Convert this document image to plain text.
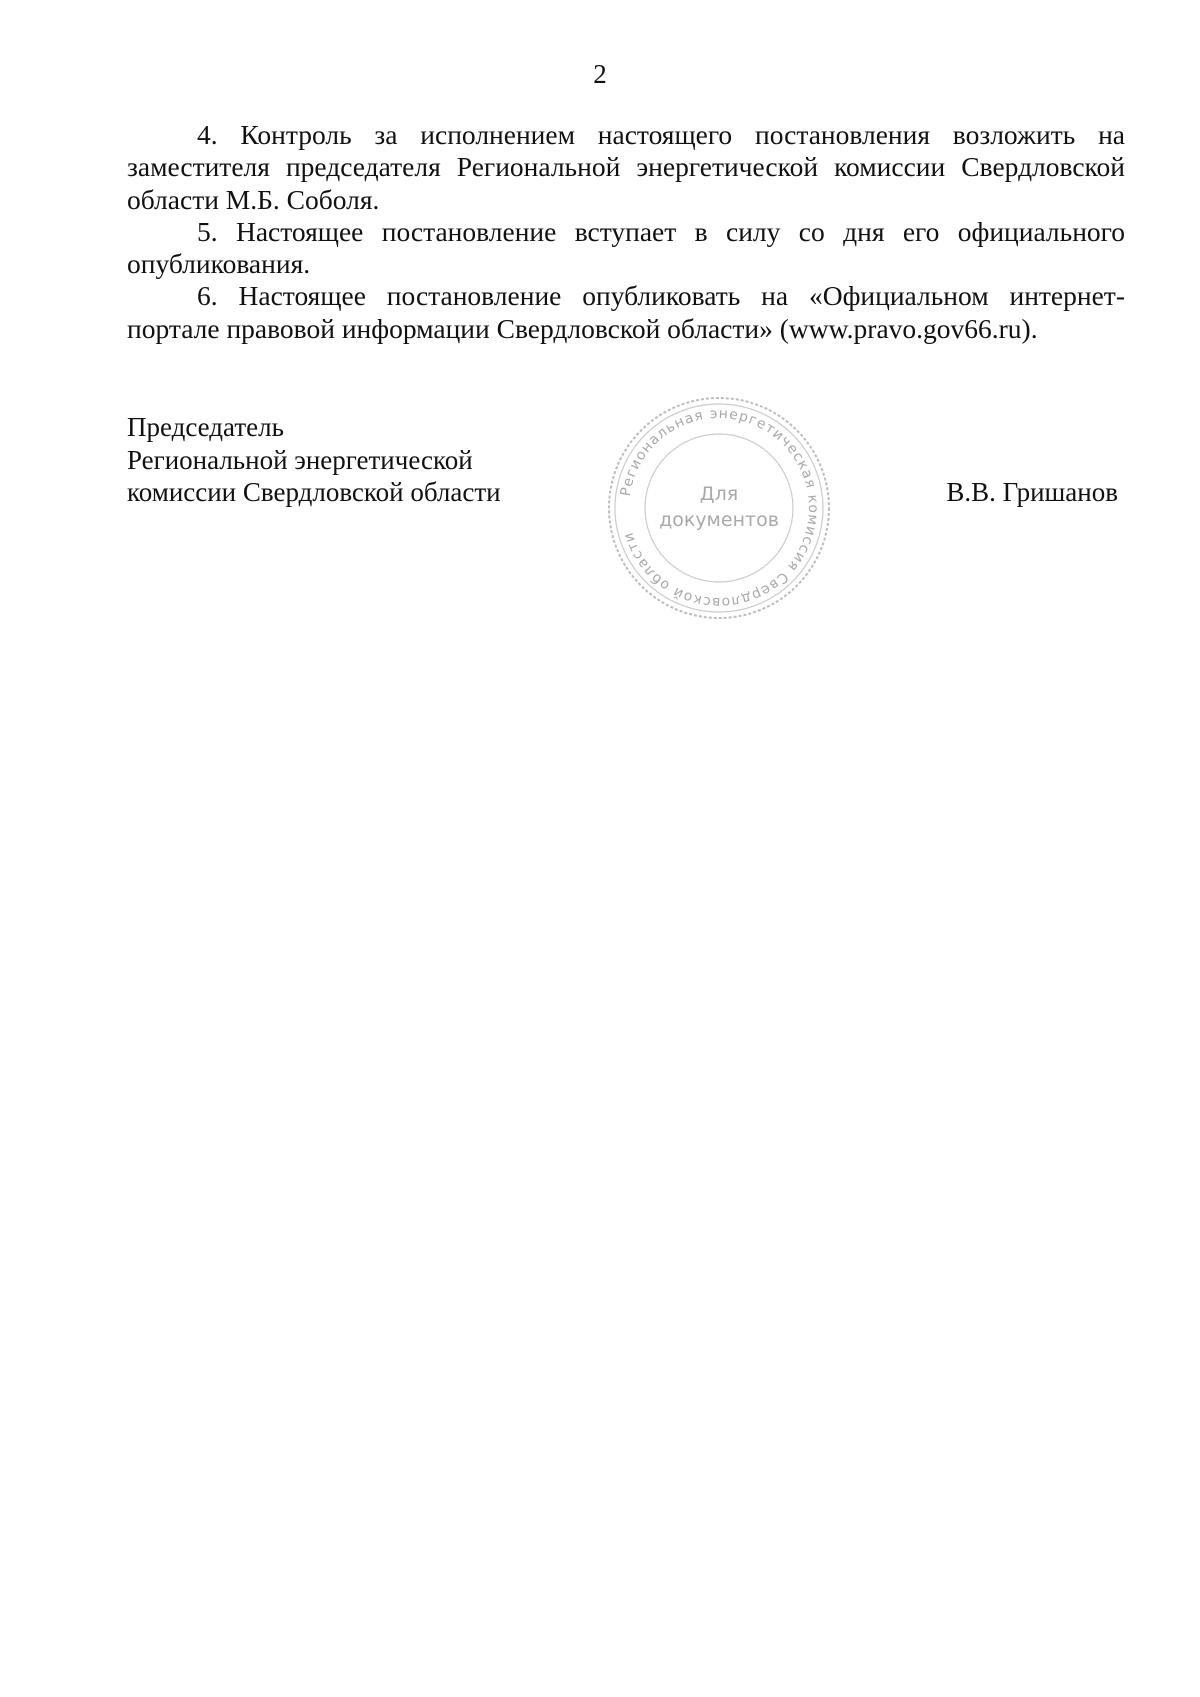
2

4. Контроль за исполнением настоящего постановления возложить на заместителя председателя Региональной энергетической комиссии Свердловской области М.Б. Соболя.

5. Настоящее постановление вступает в силу со дня его официального опубликования.

6. Настоящее постановление опубликовать на «Официальном интернет-портале правовой информации Свердловской области» (www.pravo.gov66.ru).

Председатель
Региональной энергетической
комиссии Свердловской области	Региональная энергетическая комиссия Свердловской области
Для
документов
В.В. Гришанов
